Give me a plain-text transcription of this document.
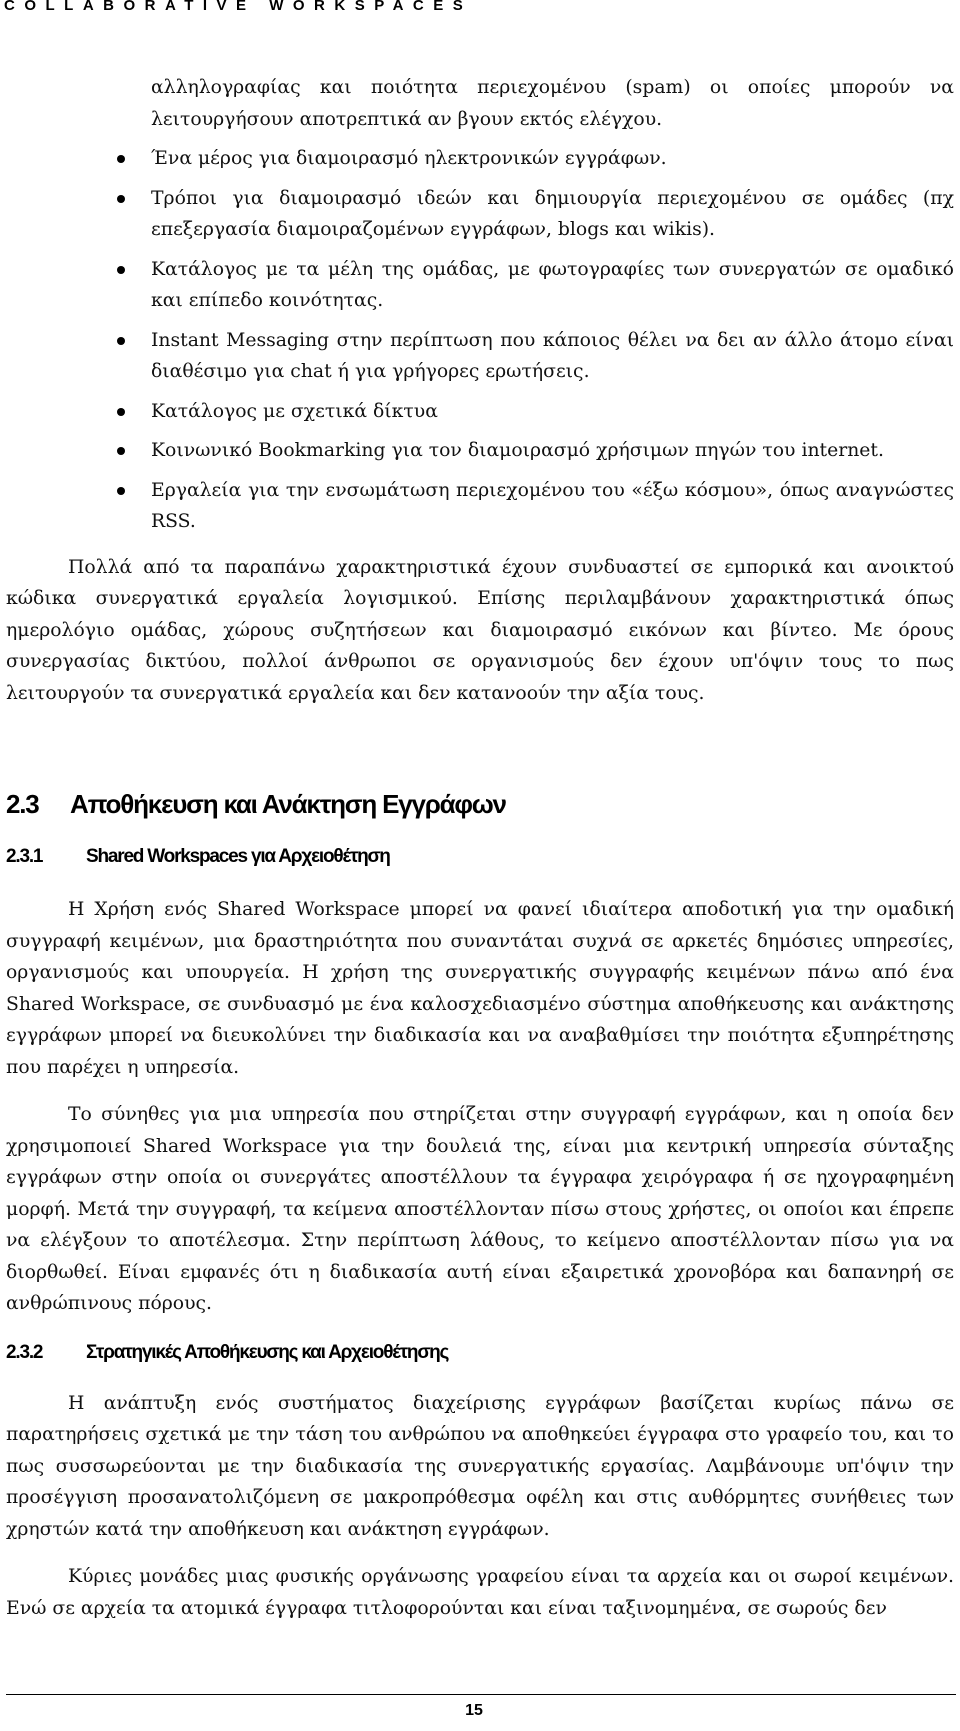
COLLABORATIVE WORKSPACES
αλληλογραφίας και ποιότητα περιεχομένου (spam) οι οποίες μπορούν να λειτουργήσουν αποτρεπτικά αν βγουν εκτός ελέγχου.
Ένα μέρος για διαμοιρασμό ηλεκτρονικών εγγράφων.
Τρόποι για διαμοιρασμό ιδεών και δημιουργία περιεχομένου σε ομάδες (πχ επεξεργασία διαμοιραζομένων εγγράφων, blogs και wikis).
Κατάλογος με τα μέλη της ομάδας, με φωτογραφίες των συνεργατών σε ομαδικό και επίπεδο κοινότητας.
Instant Messaging στην περίπτωση που κάποιος θέλει να δει αν άλλο άτομο είναι διαθέσιμο για chat ή για γρήγορες ερωτήσεις.
Κατάλογος με σχετικά δίκτυα
Κοινωνικό Bookmarking για τον διαμοιρασμό χρήσιμων πηγών του internet.
Εργαλεία για την ενσωμάτωση περιεχομένου του «έξω κόσμου», όπως αναγνώστες RSS.

Πολλά από τα παραπάνω χαρακτηριστικά έχουν συνδυαστεί σε εμπορικά και ανοικτού κώδικα συνεργατικά εργαλεία λογισμικού. Επίσης περιλαμβάνουν χαρακτηριστικά όπως ημερολόγιο ομάδας, χώρους συζητήσεων και διαμοιρασμό εικόνων και βίντεο. Με όρους συνεργασίας δικτύου, πολλοί άνθρωποι σε οργανισμούς δεν έχουν υπ'όψιν τους το πως λειτουργούν τα συνεργατικά εργαλεία και δεν κατανοούν την αξία τους.

2.3 Αποθήκευση και Ανάκτηση Εγγράφων
2.3.1 Shared Workspaces για Αρχειοθέτηση

Η Χρήση ενός Shared Workspace μπορεί να φανεί ιδιαίτερα αποδοτική για την ομαδική συγγραφή κειμένων, μια δραστηριότητα που συναντάται συχνά σε αρκετές δημόσιες υπηρεσίες, οργανισμούς και υπουργεία. Η χρήση της συνεργατικής συγγραφής κειμένων πάνω από ένα Shared Workspace, σε συνδυασμό με ένα καλοσχεδιασμένο σύστημα αποθήκευσης και ανάκτησης εγγράφων μπορεί να διευκολύνει την διαδικασία και να αναβαθμίσει την ποιότητα εξυπηρέτησης που παρέχει η υπηρεσία.

Το σύνηθες για μια υπηρεσία που στηρίζεται στην συγγραφή εγγράφων, και η οποία δεν χρησιμοποιεί Shared Workspace για την δουλειά της, είναι μια κεντρική υπηρεσία σύνταξης εγγράφων στην οποία οι συνεργάτες αποστέλλουν τα έγγραφα χειρόγραφα ή σε ηχογραφημένη μορφή. Μετά την συγγραφή, τα κείμενα αποστέλλονταν πίσω στους χρήστες, οι οποίοι και έπρεπε να ελέγξουν το αποτέλεσμα. Στην περίπτωση λάθους, το κείμενο αποστέλλονταν πίσω για να διορθωθεί. Είναι εμφανές ότι η διαδικασία αυτή είναι εξαιρετικά χρονοβόρα και δαπανηρή σε ανθρώπινους πόρους.

2.3.2 Στρατηγικές Αποθήκευσης και Αρχειοθέτησης

Η ανάπτυξη ενός συστήματος διαχείρισης εγγράφων βασίζεται κυρίως πάνω σε παρατηρήσεις σχετικά με την τάση του ανθρώπου να αποθηκεύει έγγραφα στο γραφείο του, και το πως συσσωρεύονται με την διαδικασία της συνεργατικής εργασίας. Λαμβάνουμε υπ'όψιν την προσέγγιση προσανατολιζόμενη σε μακροπρόθεσμα οφέλη και στις αυθόρμητες συνήθειες των χρηστών κατά την αποθήκευση και ανάκτηση εγγράφων.

Κύριες μονάδες μιας φυσικής οργάνωσης γραφείου είναι τα αρχεία και οι σωροί κειμένων. Ενώ σε αρχεία τα ατομικά έγγραφα τιτλοφορούνται και είναι ταξινομημένα, σε σωρούς δεν

15
